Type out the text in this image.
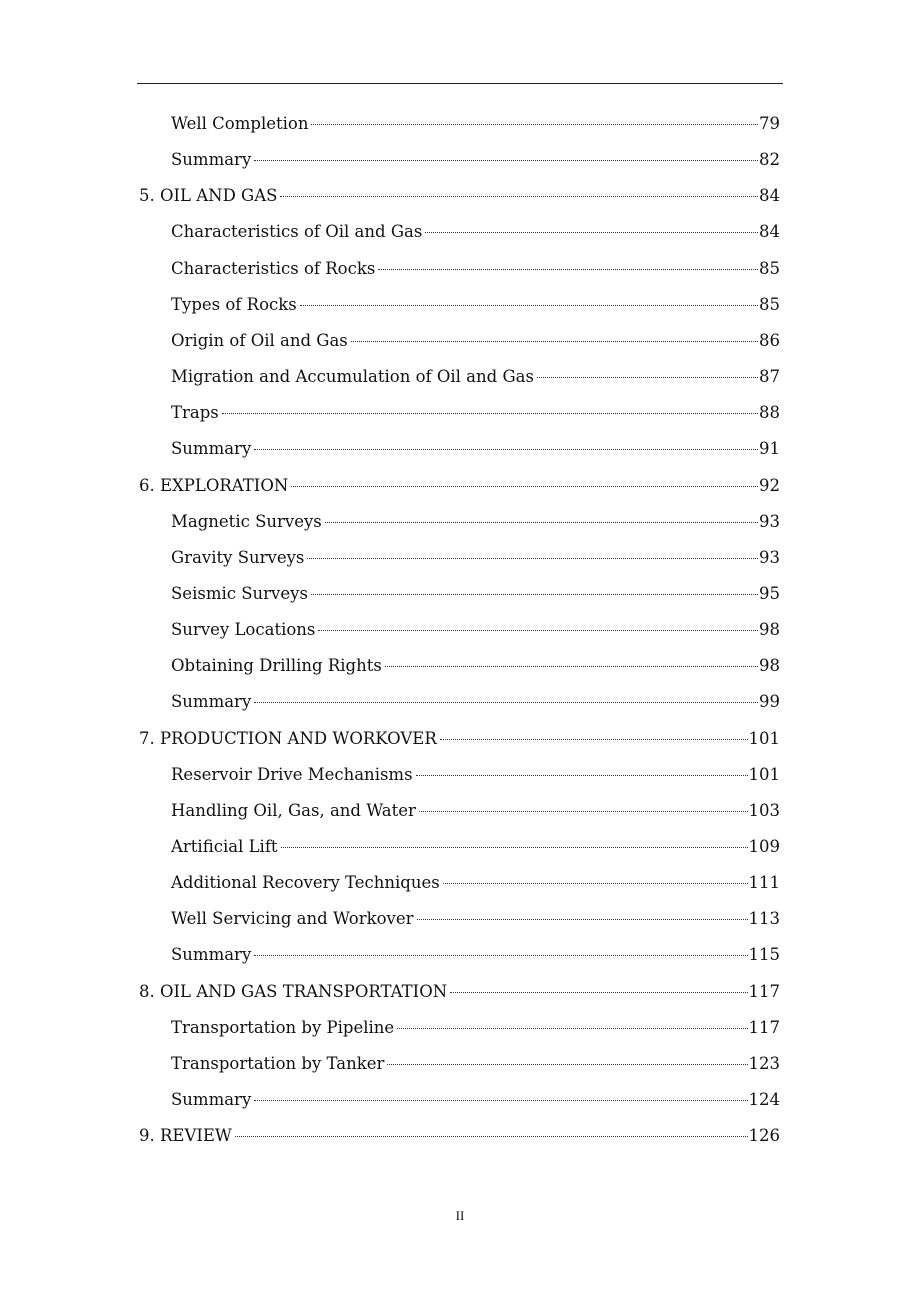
Well Completion	79
Summary	82
5. OIL AND GAS	84
Characteristics of Oil and Gas	84
Characteristics of Rocks	85
Types of Rocks	85
Origin of Oil and Gas	86
Migration and Accumulation of Oil and Gas	87
Traps	88
Summary	91
6. EXPLORATION	92
Magnetic Surveys	93
Gravity Surveys	93
Seismic Surveys	95
Survey Locations	98
Obtaining Drilling Rights	98
Summary	99
7. PRODUCTION AND WORKOVER	101
Reservoir Drive Mechanisms	101
Handling Oil, Gas, and Water	103
Artificial Lift	109
Additional Recovery Techniques	111
Well Servicing and Workover	113
Summary	115
8. OIL AND GAS TRANSPORTATION	117
Transportation by Pipeline	117
Transportation by Tanker	123
Summary	124
9. REVIEW	126
II
